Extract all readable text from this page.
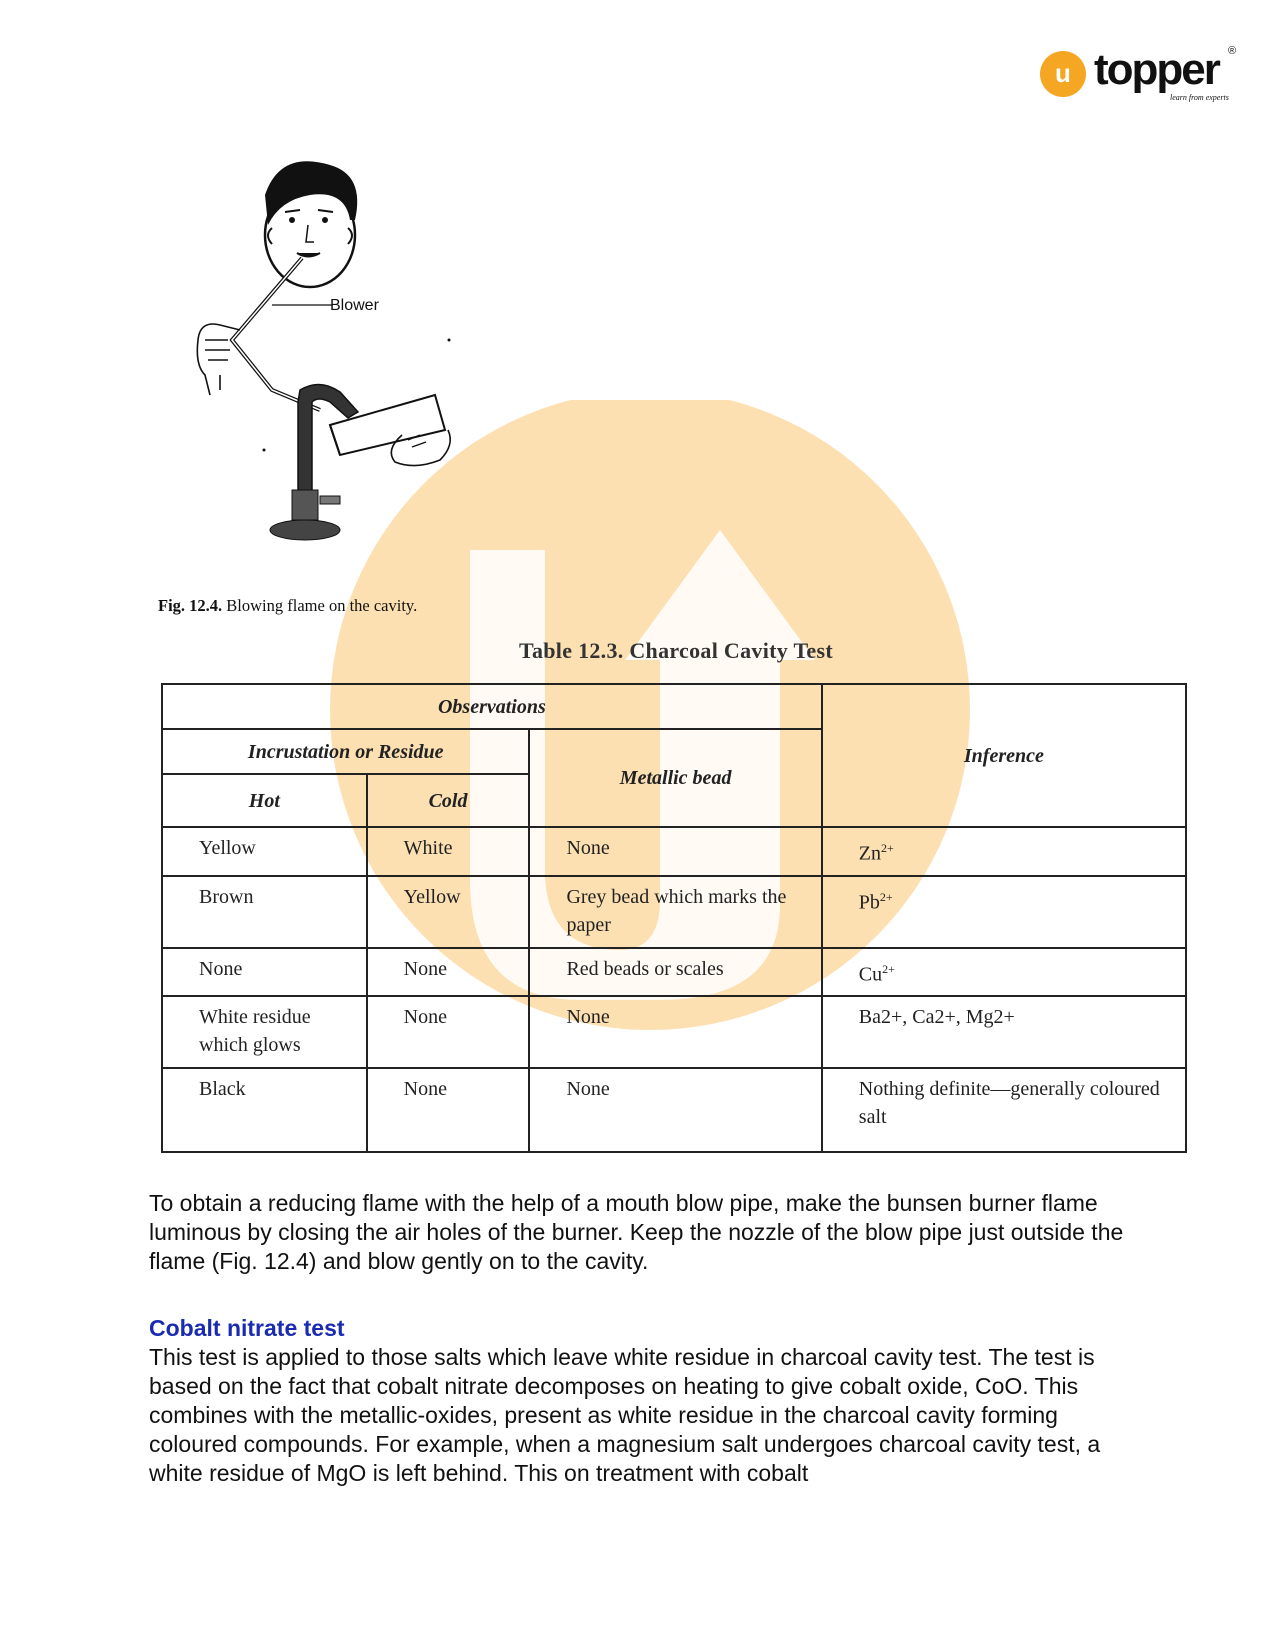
u topper ®
learn from experts
Blower
Fig. 12.4. Blowing flame on the cavity.
Table 12.3. Charcoal Cavity Test
Observations			Inference
Incrustation or Residue		Metallic bead	
Hot	Cold		
Yellow	White	None	$Zn^{2+}$
Brown	Yellow	Grey bead which marks the paper	$Pb^{2+}$
None	None	Red beads or scales	$Cu^{2+}$
White residue which glows	None	None	Ba2+, Ca2+, Mg2+
Black	None	None	Nothing definite—generally coloured salt
To obtain a reducing flame with the help of a mouth blow pipe, make the bunsen burner flame luminous by closing the air holes of the burner. Keep the nozzle of the blow pipe just outside the flame (Fig. 12.4) and blow gently on to the cavity.
Cobalt nitrate test
This test is applied to those salts which leave white residue in charcoal cavity test. The test is based on the fact that cobalt nitrate decomposes on heating to give cobalt oxide, CoO. This combines with the metallic-oxides, present as white residue in the charcoal cavity forming coloured compounds. For example, when a magnesium salt undergoes charcoal cavity test, a white residue of MgO is left behind. This on treatment with cobalt
